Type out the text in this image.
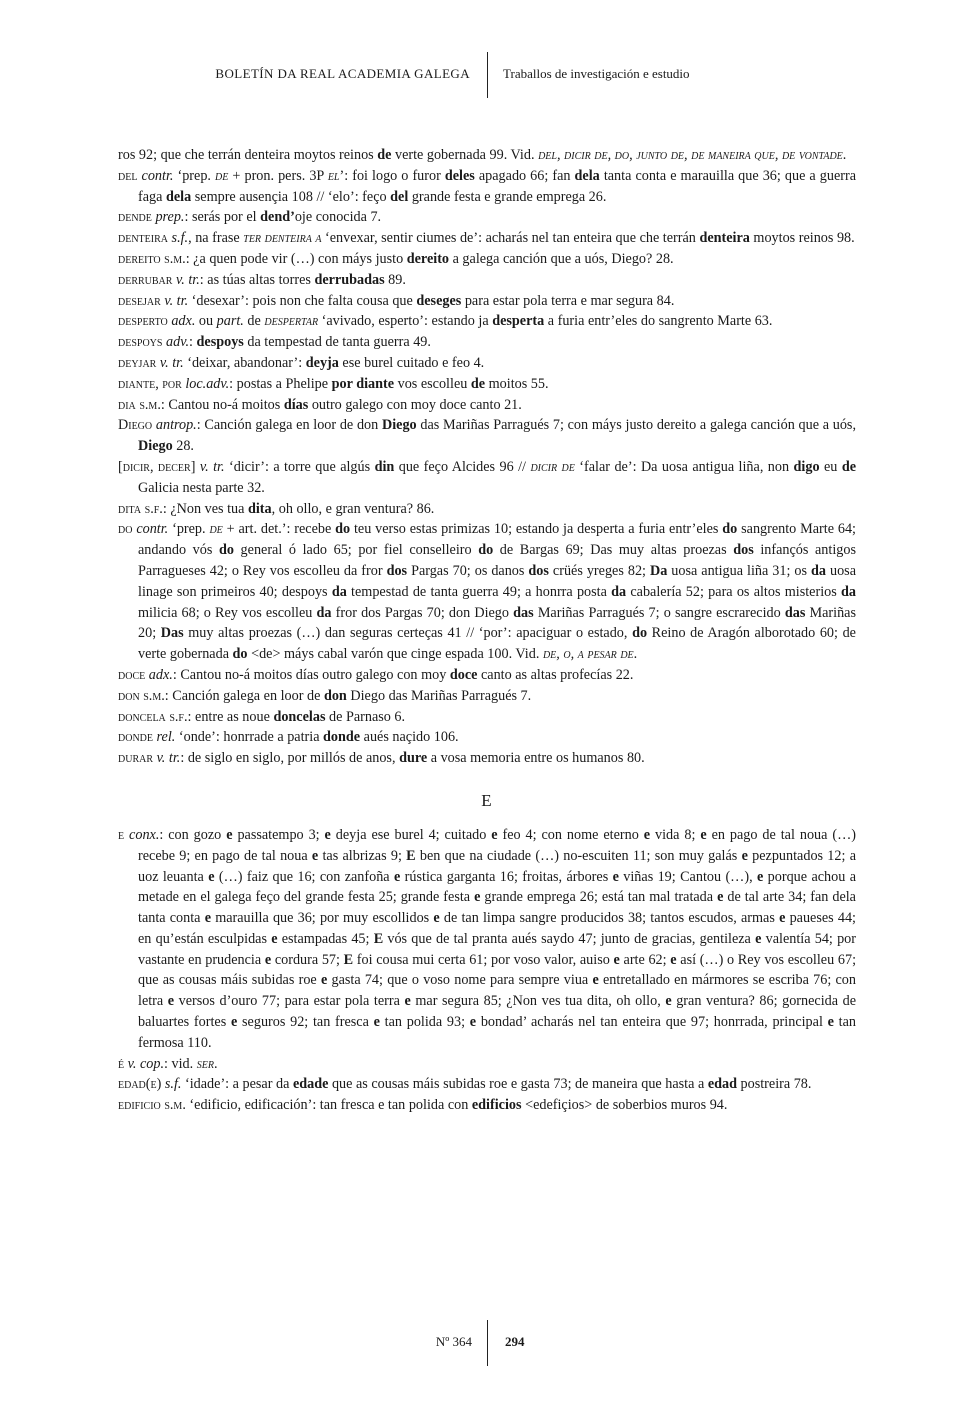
BOLETÍN DA REAL ACADEMIA GALEGA	Traballos de investigación e estudio

ros 92; que che terrán denteira moytos reinos de verte gobernada 99. Vid. del, dicir de, do, junto de, de maneira que, de vontade.

del contr. ‘prep. de + pron. pers. 3P el’: foi logo o furor deles apagado 66; fan dela tanta conta e marauilla que 36; que a guerra faga dela sempre ausençia 108 // ‘elo’: feço del grande festa e grande emprega 26.

dende prep.: serás por el dend’oje conocida 7.

denteira s.f., na frase ter denteira a ‘envexar, sentir ciumes de’: acharás nel tan enteira que che terrán denteira moytos reinos 98.

dereito s.m.: ¿a quen pode vir (…) con máys justo dereito a galega canción que a uós, Diego? 28.

derrubar v. tr.: as túas altas torres derrubadas 89.

desejar v. tr. ‘desexar’: pois non che falta cousa que deseges para estar pola terra e mar segura 84.

desperto adx. ou part. de despertar ‘avivado, esperto’: estando ja desperta a furia entr’eles do sangrento Marte 63.

despoys adv.: despoys da tempestad de tanta guerra 49.

deyjar v. tr. ‘deixar, abandonar’: deyja ese burel cuitado e feo 4.

diante, por loc.adv.: postas a Phelipe por diante vos escolleu de moitos 55.

dia s.m.: Cantou no-á moitos días outro galego con moy doce canto 21.

Diego antrop.: Canción galega en loor de don Diego das Mariñas Parragués 7; con máys justo dereito a galega canción que a uós, Diego 28.

[dicir, decer] v. tr. ‘dicir’: a torre que algús din que feço Alcides 96 // dicir de ‘falar de’: Da uosa antigua liña, non digo eu de Galicia nesta parte 32.

dita s.f.: ¿Non ves tua dita, oh ollo, e gran ventura? 86.

do contr. ‘prep. de + art. det.’: recebe do teu verso estas primizas 10; estando ja desperta a furia entr’eles do sangrento Marte 64; andando vós do general ó lado 65; por fiel conselleiro do de Bargas 69; Das muy altas proezas dos infançós antigos Parragueses 42; o Rey vos escolleu da fror dos Pargas 70; os danos dos crüés yreges 82; Da uosa antigua liña 31; os da uosa linage son primeiros 40; despoys da tempestad de tanta guerra 49; a honrra posta da cabalería 52; para os altos misterios da milicia 68; o Rey vos escolleu da fror dos Pargas 70; don Diego das Mariñas Parragués 7; o sangre escrarecido das Mariñas 20; Das muy altas proezas (…) dan seguras certeças 41 // ‘por’: apaciguar o estado, do Reino de Aragón alborotado 60; de verte gobernada do <de> máys cabal varón que cinge espada 100. Vid. de, o, a pesar de.

doce adx.: Cantou no-á moitos días outro galego con moy doce canto as altas profecías 22.

don s.m.: Canción galega en loor de don Diego das Mariñas Parragués 7.

doncela s.f.: entre as noue doncelas de Parnaso 6.

donde rel. ‘onde’: honrrade a patria donde aués naçido 106.

durar v. tr.: de siglo en siglo, por millós de anos, dure a vosa memoria entre os humanos 80.

E

e conx.: con gozo e passatempo 3; e deyja ese burel 4; cuitado e feo 4; con nome eterno e vida 8; e en pago de tal noua (…) recebe 9; en pago de tal noua e tas albrizas 9; E ben que na ciudade (…) no-escuiten 11; son muy galás e pezpuntados 12; a uoz leuanta e (…) faiz que 16; con zanfoña e rústica garganta 16; froitas, árbores e viñas 19; Cantou (…), e porque achou a metade en el galega feço del grande festa 25; grande festa e grande emprega 26; está tan mal tratada e de tal arte 34; fan dela tanta conta e marauilla que 36; por muy escollidos e de tan limpa sangre producidos 38; tantos escudos, armas e paueses 44; en qu’están esculpidas e estampadas 45; E vós que de tal pranta aués saydo 47; junto de gracias, gentileza e valentía 54; por vastante en prudencia e cordura 57; E foi cousa mui certa 61; por voso valor, auiso e arte 62; e así (…) o Rey vos escolleu 67; que as cousas máis subidas roe e gasta 74; que o voso nome para sempre viua e entretallado en mármores se escriba 76; con letra e versos d’ouro 77; para estar pola terra e mar segura 85; ¿Non ves tua dita, oh ollo, e gran ventura? 86; gornecida de baluartes fortes e seguros 92; tan fresca e tan polida 93; e bondad’ acharás nel tan enteira que 97; honrrada, principal e tan fermosa 110.

é v. cop.: vid. ser.

edad(e) s.f. ‘idade’: a pesar da edade que as cousas máis subidas roe e gasta 73; de maneira que hasta a edad postreira 78.

edificio s.m. ‘edificio, edificación’: tan fresca e tan polida con edificios <edefiçios> de soberbios muros 94.

Nº 364	294
